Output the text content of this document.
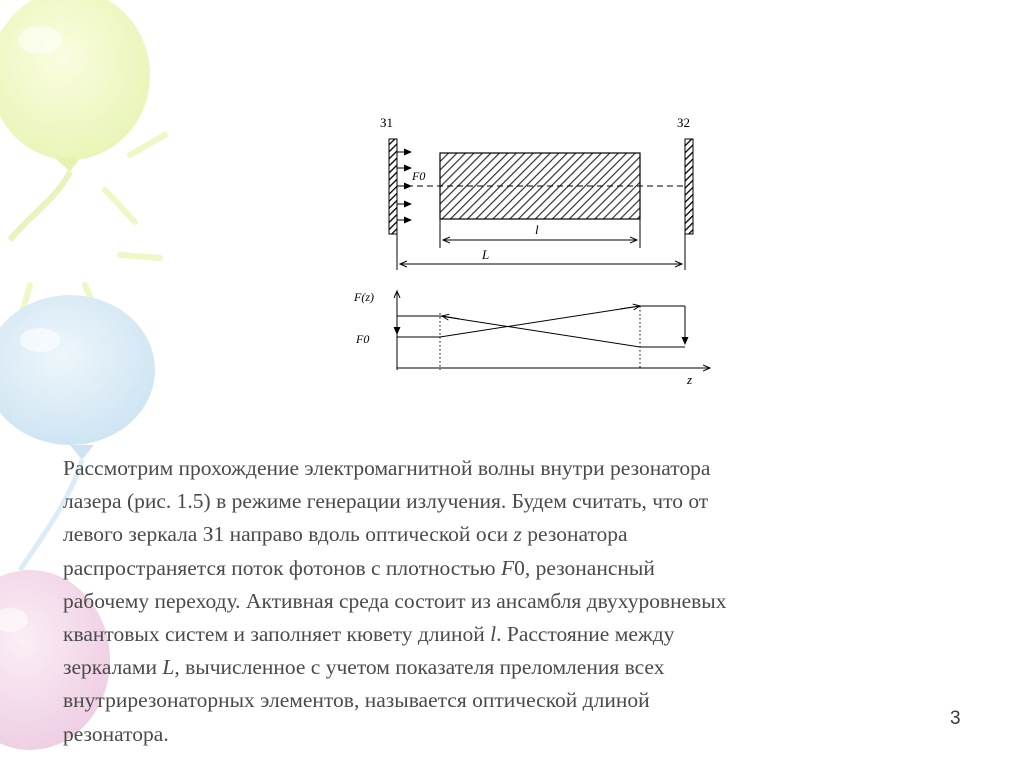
З1	З2
F0
l
L
F(z)
F0
z

Рассмотрим прохождение электромагнитной волны внутри резонатора
лазера (рис. 1.5) в режиме генерации излучения. Будем считать, что от
левого зеркала З1 направо вдоль оптической оси z резонатора
распространяется поток фотонов с плотностью F0, резонансный
рабочему переходу. Активная среда состоит из ансамбля двухуровневых
квантовых систем и заполняет кювету длиной l. Расстояние между
зеркалами L, вычисленное с учетом показателя преломления всех
внутрирезонаторных элементов, называется оптической длиной
резонатора.

3
